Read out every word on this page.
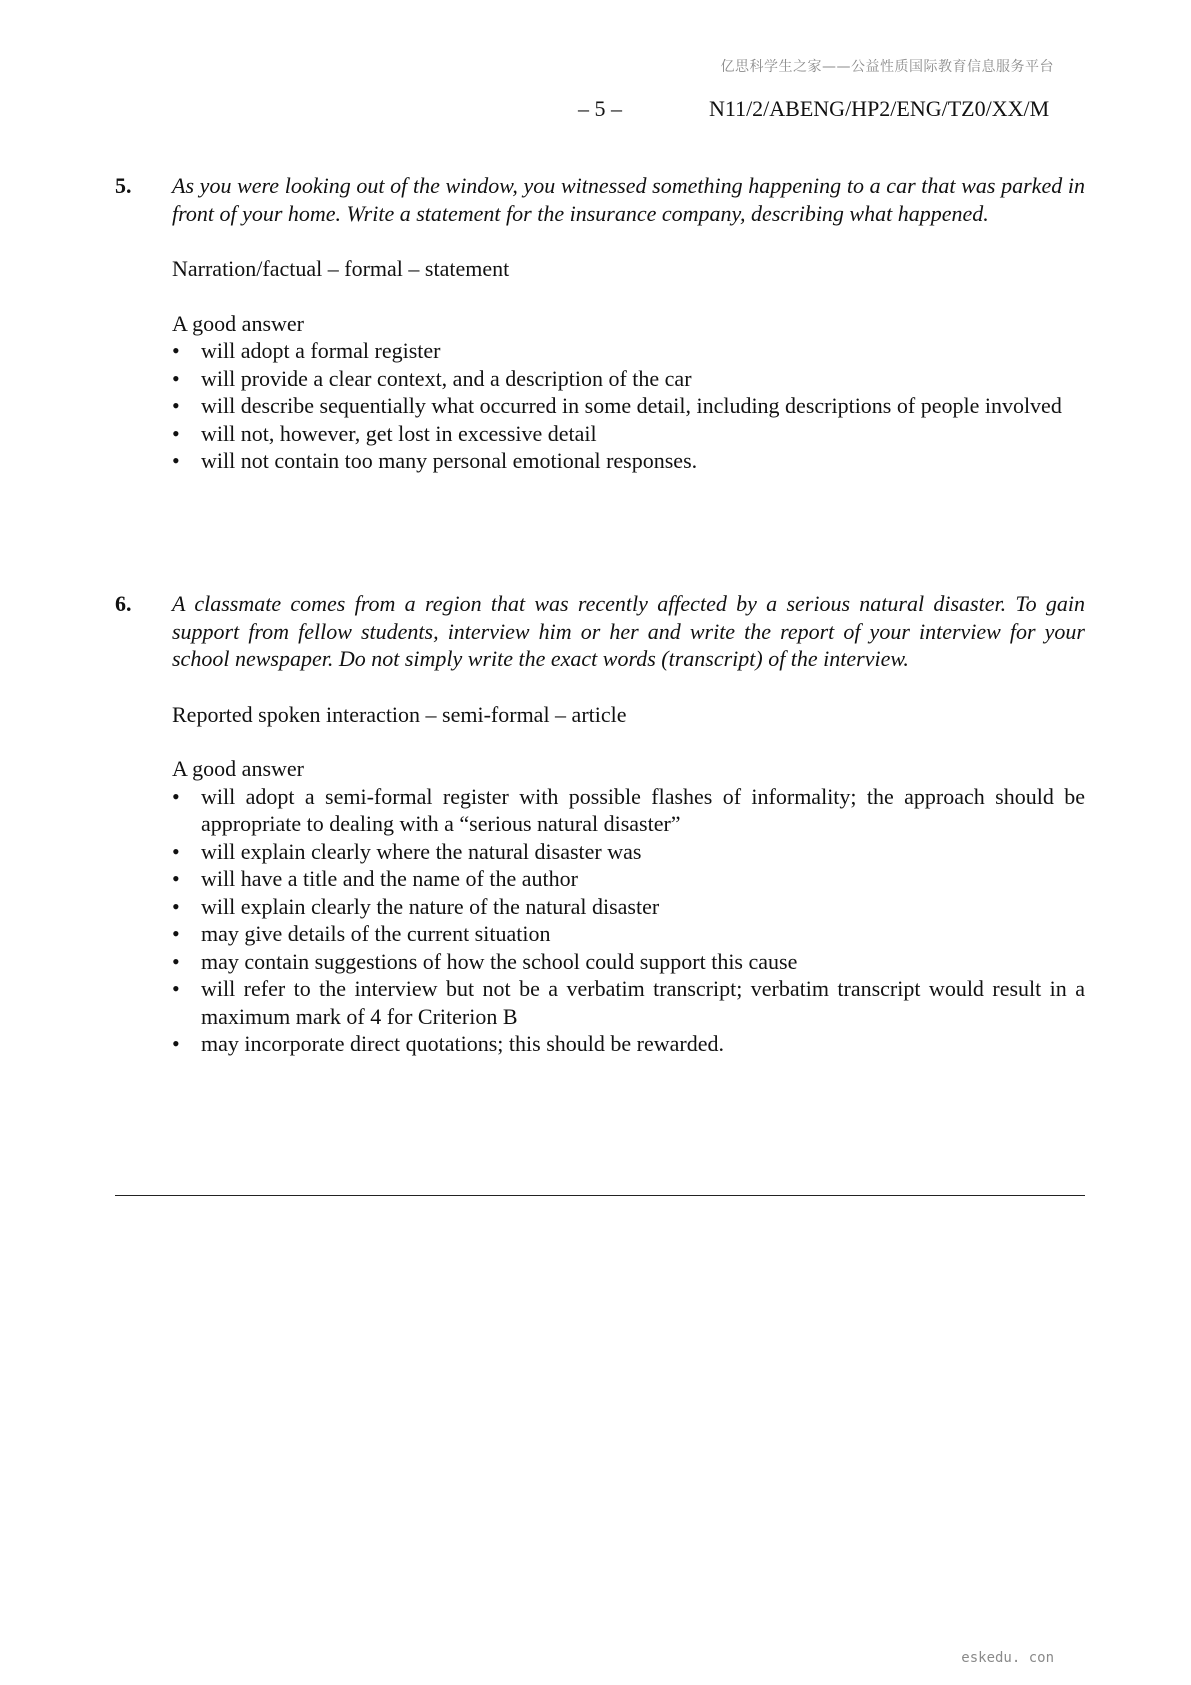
亿思科学生之家——公益性质国际教育信息服务平台
– 5 –	N11/2/ABENG/HP2/ENG/TZ0/XX/M
5. As you were looking out of the window, you witnessed something happening to a car that was parked in front of your home. Write a statement for the insurance company, describing what happened.

Narration/factual – formal – statement

A good answer

• will adopt a formal register
• will provide a clear context, and a description of the car
• will describe sequentially what occurred in some detail, including descriptions of people involved
• will not, however, get lost in excessive detail
• will not contain too many personal emotional responses.
6. A classmate comes from a region that was recently affected by a serious natural disaster. To gain support from fellow students, interview him or her and write the report of your interview for your school newspaper. Do not simply write the exact words (transcript) of the interview.

Reported spoken interaction – semi-formal – article

A good answer

• will adopt a semi-formal register with possible flashes of informality; the approach should be appropriate to dealing with a “serious natural disaster”
• will explain clearly where the natural disaster was
• will have a title and the name of the author
• will explain clearly the nature of the natural disaster
• may give details of the current situation
• may contain suggestions of how the school could support this cause
• will refer to the interview but not be a verbatim transcript; verbatim transcript would result in a maximum mark of 4 for Criterion B
• may incorporate direct quotations; this should be rewarded.
eskedu. con
